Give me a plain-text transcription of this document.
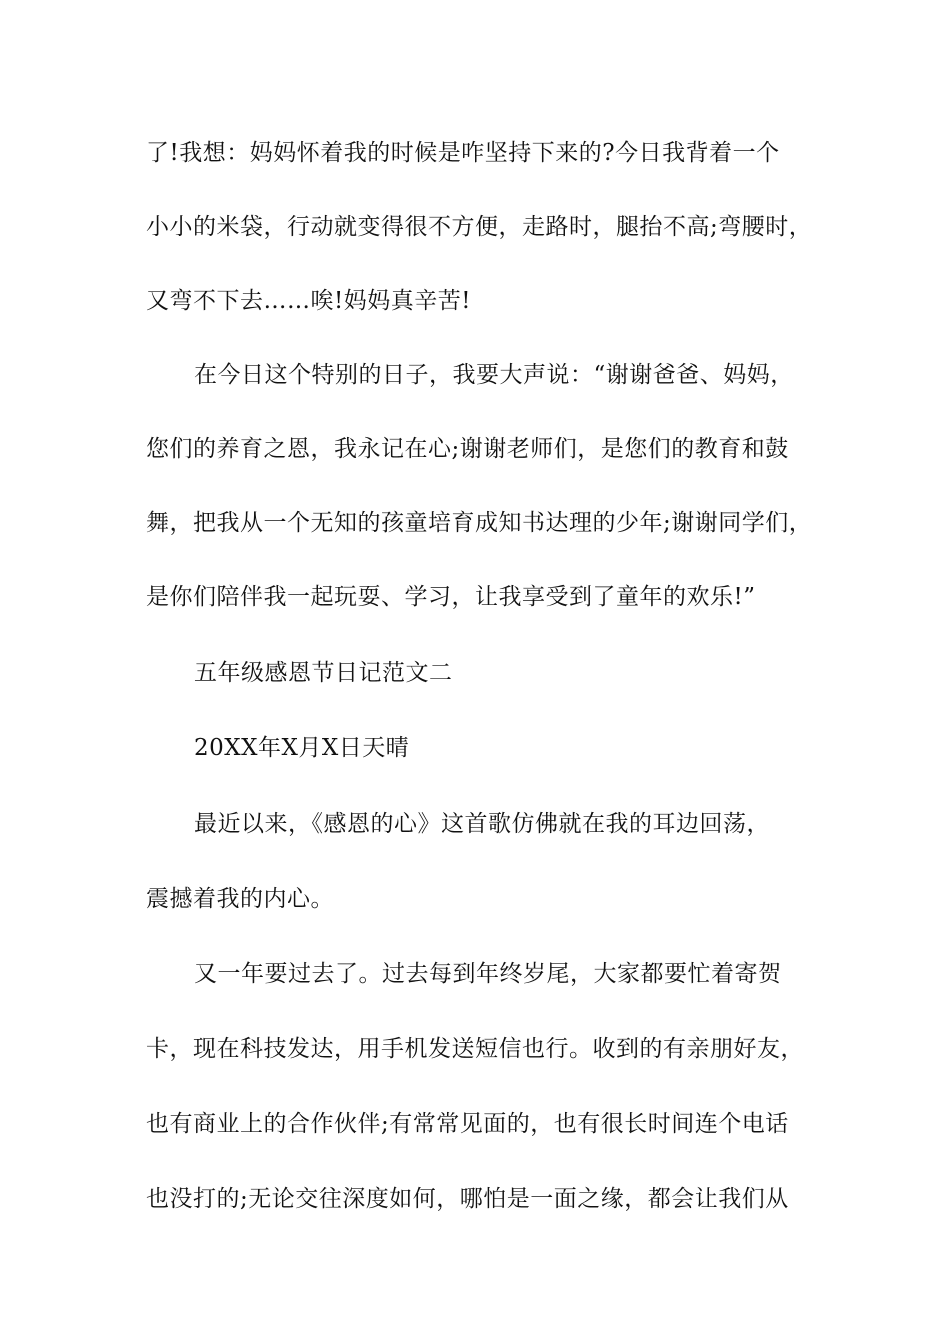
了!我想：妈妈怀着我的时候是咋坚持下来的?今日我背着一个
小小的米袋，行动就变得很不方便，走路时，腿抬不高;弯腰时，
又弯不下去……唉!妈妈真辛苦!
在今日这个特别的日子，我要大声说：“谢谢爸爸、妈妈，
您们的养育之恩，我永记在心;谢谢老师们，是您们的教育和鼓
舞，把我从一个无知的孩童培育成知书达理的少年;谢谢同学们，
是你们陪伴我一起玩耍、学习，让我享受到了童年的欢乐!”
五年级感恩节日记范文二
20XX年X月X日天晴
最近以来，《感恩的心》这首歌仿佛就在我的耳边回荡，
震撼着我的内心。
又一年要过去了。过去每到年终岁尾，大家都要忙着寄贺
卡，现在科技发达，用手机发送短信也行。收到的有亲朋好友，
也有商业上的合作伙伴;有常常见面的，也有很长时间连个电话
也没打的;无论交往深度如何，哪怕是一面之缘，都会让我们从
